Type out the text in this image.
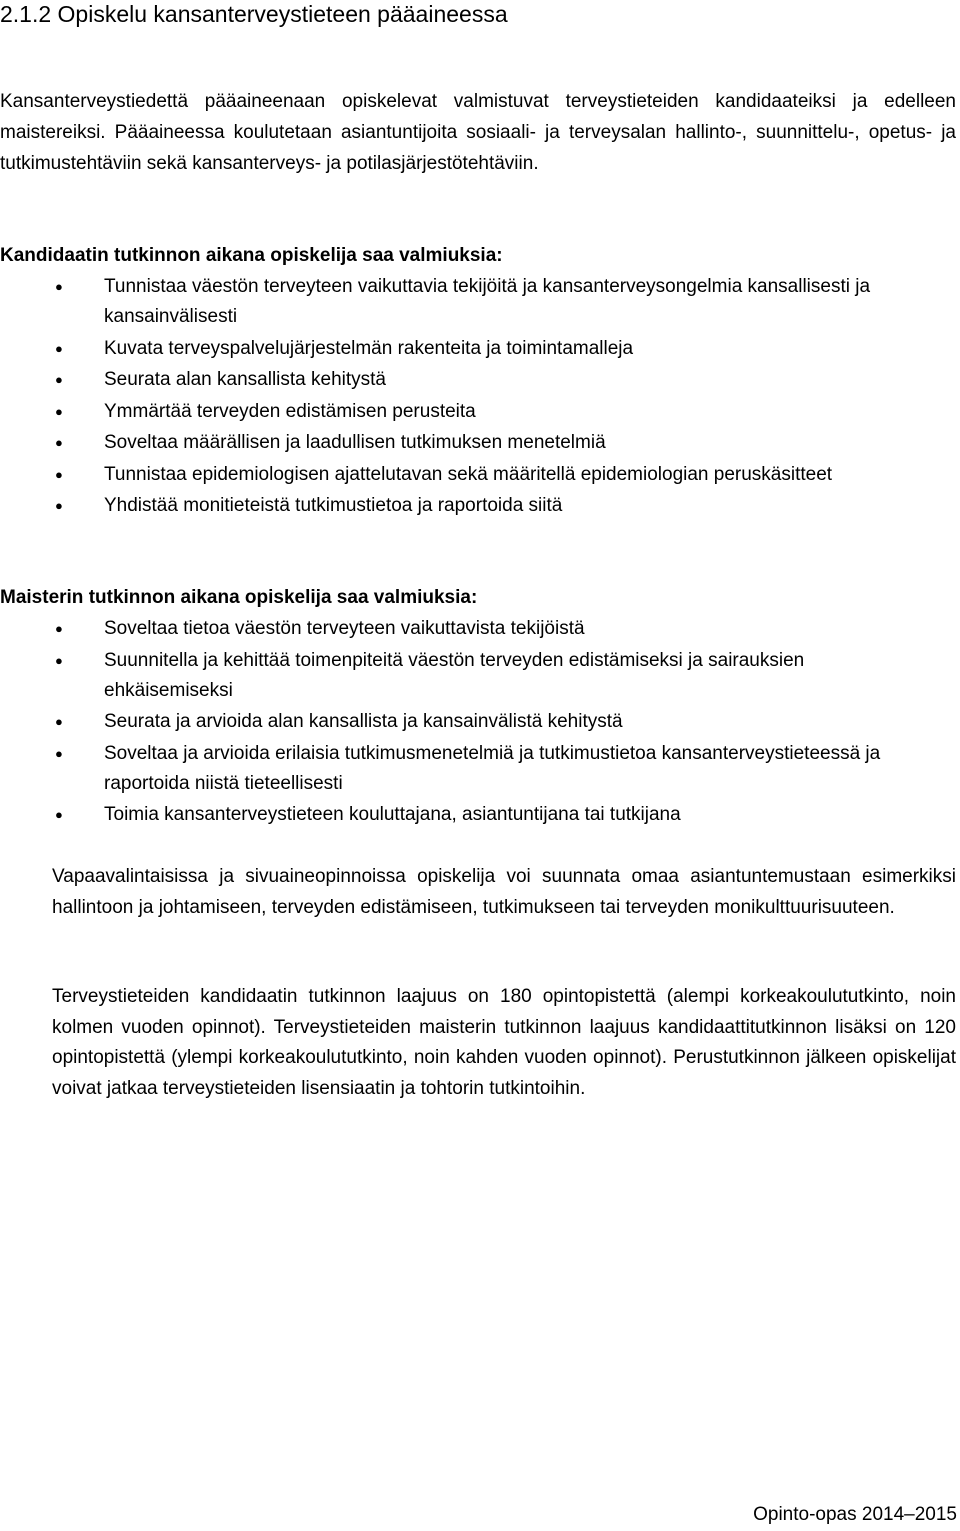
2.1.2 Opiskelu kansanterveystieteen pääaineessa

Kansanterveystiedettä pääaineenaan opiskelevat valmistuvat terveystieteiden kandidaateiksi ja edelleen maistereiksi. Pääaineessa koulutetaan asiantuntijoita sosiaali- ja terveysalan hallinto-, suunnittelu-, opetus- ja tutkimustehtäviin sekä kansanterveys- ja potilasjärjestötehtäviin.

Kandidaatin tutkinnon aikana opiskelija saa valmiuksia:

● Tunnistaa väestön terveyteen vaikuttavia tekijöitä ja kansanterveysongelmia kansallisesti ja kansainvälisesti
● Kuvata terveyspalvelujärjestelmän rakenteita ja toimintamalleja
● Seurata alan kansallista kehitystä
● Ymmärtää terveyden edistämisen perusteita
● Soveltaa määrällisen ja laadullisen tutkimuksen menetelmiä
● Tunnistaa epidemiologisen ajattelutavan sekä määritellä epidemiologian peruskäsitteet
● Yhdistää monitieteistä tutkimustietoa ja raportoida siitä

Maisterin tutkinnon aikana opiskelija saa valmiuksia:

● Soveltaa tietoa väestön terveyteen vaikuttavista tekijöistä
● Suunnitella ja kehittää toimenpiteitä väestön terveyden edistämiseksi ja sairauksien ehkäisemiseksi
● Seurata ja arvioida alan kansallista ja kansainvälistä kehitystä
● Soveltaa ja arvioida erilaisia tutkimusmenetelmiä ja tutkimustietoa kansanterveystieteessä ja raportoida niistä tieteellisesti
● Toimia kansanterveystieteen kouluttajana, asiantuntijana tai tutkijana

Vapaavalintaisissa ja sivuaineopinnoissa opiskelija voi suunnata omaa asiantuntemustaan esimerkiksi hallintoon ja johtamiseen, terveyden edistämiseen, tutkimukseen tai terveyden monikulttuurisuuteen.

Terveystieteiden kandidaatin tutkinnon laajuus on 180 opintopistettä (alempi korkeakoulututkinto, noin kolmen vuoden opinnot). Terveystieteiden maisterin tutkinnon laajuus kandidaattitutkinnon lisäksi on 120 opintopistettä (ylempi korkeakoulututkinto, noin kahden vuoden opinnot). Perustutkinnon jälkeen opiskelijat voivat jatkaa terveystieteiden lisensiaatin ja tohtorin tutkintoihin.

Opinto-opas 2014–2015
